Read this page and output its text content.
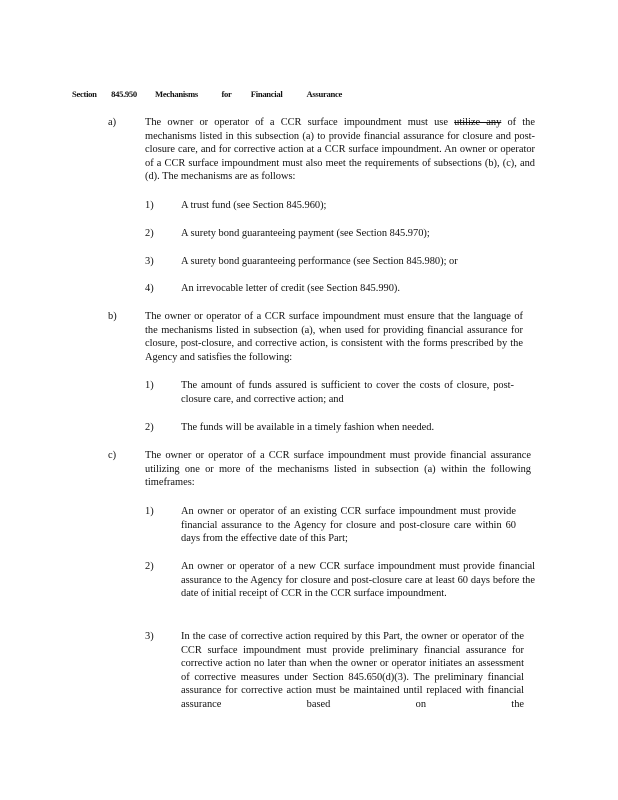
Section	845.950	Mechanisms	for	Financial	Assurance
a)	The owner or operator of a CCR surface impoundment must use utilize any of the mechanisms listed in this subsection (a) to provide financial assurance for closure and post-closure care, and for corrective action at a CCR surface impoundment. An owner or operator of a CCR surface impoundment must also meet the requirements of subsections (b), (c), and (d). The mechanisms are as follows:
1)	A trust fund (see Section 845.960);
2)	A surety bond guaranteeing payment (see Section 845.970);
3)	A surety bond guaranteeing performance (see Section 845.980); or
4)	An irrevocable letter of credit (see Section 845.990).
b)	The owner or operator of a CCR surface impoundment must ensure that the language of the mechanisms listed in subsection (a), when used for providing financial assurance for closure, post-closure, and corrective action, is consistent with the forms prescribed by the Agency and satisfies the following:
1)	The amount of funds assured is sufficient to cover the costs of closure, post-closure care, and corrective action; and
2)	The funds will be available in a timely fashion when needed.
c)	The owner or operator of a CCR surface impoundment must provide financial assurance utilizing one or more of the mechanisms listed in subsection (a) within the following timeframes:
1)	An owner or operator of an existing CCR surface impoundment must provide financial assurance to the Agency for closure and post-closure care within 60 days from the effective date of this Part;
2)	An owner or operator of a new CCR surface impoundment must provide financial assurance to the Agency for closure and post-closure care at least 60 days before the date of initial receipt of CCR in the CCR surface impoundment.
3)	In the case of corrective action required by this Part, the owner or operator of the CCR surface impoundment must provide preliminary financial assurance for corrective action no later than when the owner or operator initiates an assessment of corrective measures under Section 845.650(d)(3). The preliminary financial assurance for corrective action must be maintained until replaced with financial assurance based on the
